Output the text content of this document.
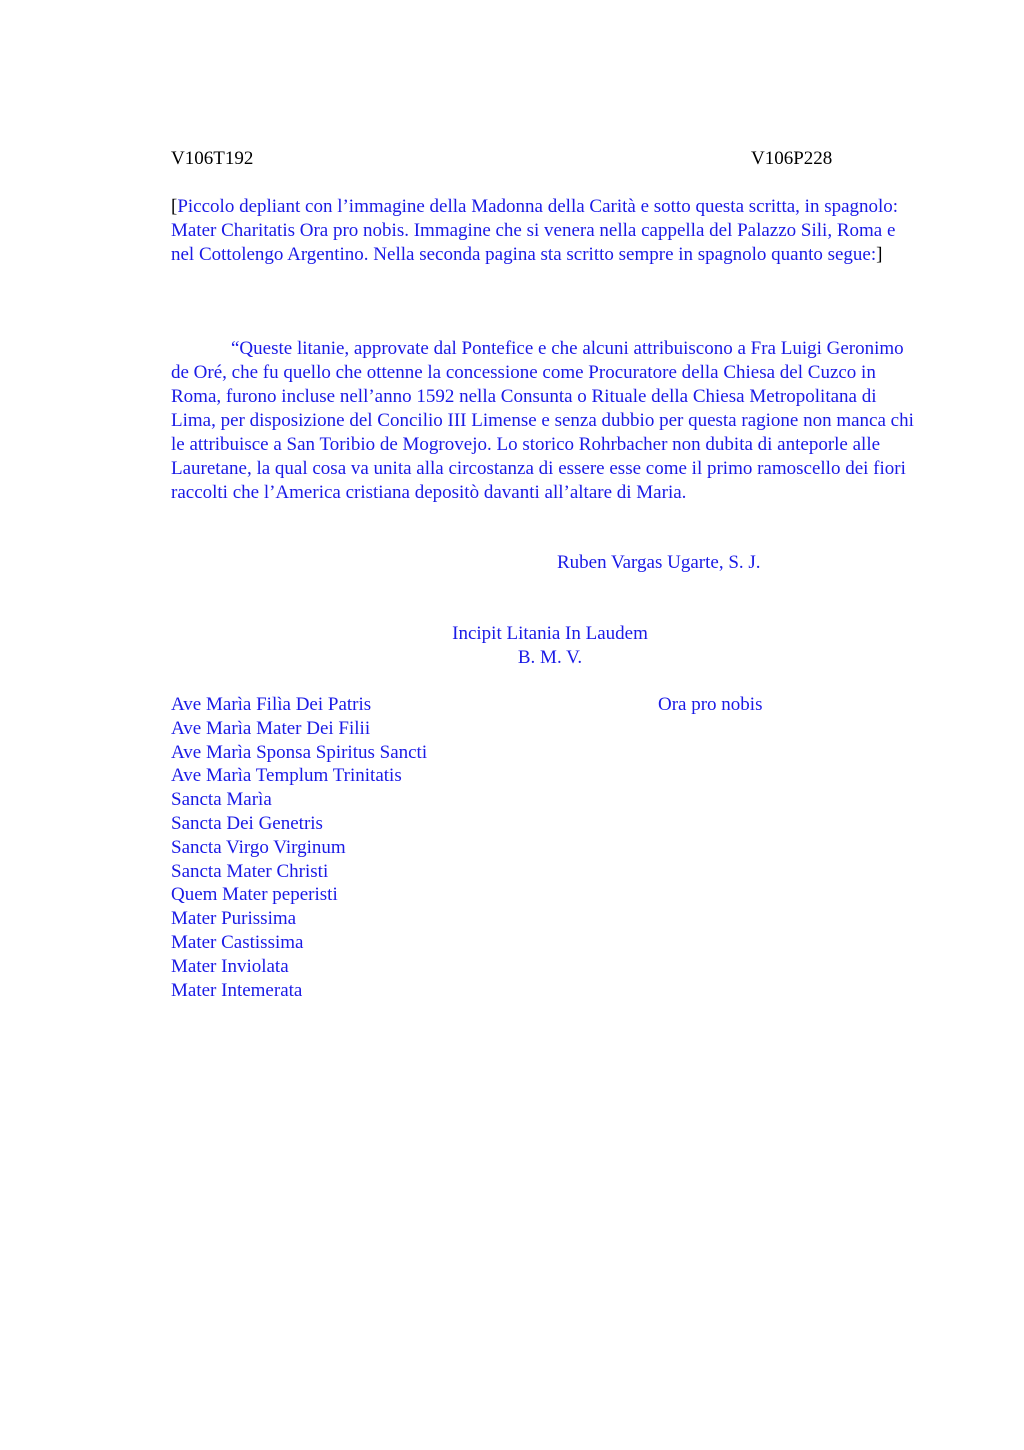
V106T192	V106P228
[Piccolo depliant con l’immagine della Madonna della Carità e sotto questa scritta, in spagnolo: Mater Charitatis Ora pro nobis. Immagine che si venera nella cappella del Palazzo Sili, Roma e nel Cottolengo Argentino. Nella seconda pagina sta scritto sempre in spagnolo quanto segue:]
“Queste litanie, approvate dal Pontefice e che alcuni attribuiscono a Fra Luigi Geronimo de Oré, che fu quello che ottenne la concessione come Procuratore della Chiesa del Cuzco in Roma, furono incluse nell’anno 1592 nella Consunta o Rituale della Chiesa Metropolitana di Lima, per disposizione del Concilio III Limense e senza dubbio per questa ragione non manca chi le attribuisce a San Toribio de Mogrovejo. Lo storico Rohrbacher non dubita di anteporle alle Lauretane, la qual cosa va unita alla circostanza di essere esse come il primo ramoscello dei fiori raccolti che l’America cristiana depositò davanti all’altare di Maria.
Ruben Vargas Ugarte, S. J.
Incipit Litania In Laudem
B. M. V.
Ave Marìa Filìa Dei Patris
Ave Marìa Mater Dei Filii
Ave Marìa Sponsa Spiritus Sancti
Ave Marìa Templum Trinitatis
Sancta Marìa
Sancta Dei Genetris
Sancta Virgo Virginum
Sancta Mater Christi
Quem Mater peperisti
Mater Purissima
Mater Castissima
Mater Inviolata
Mater Intemerata
Ora pro nobis
